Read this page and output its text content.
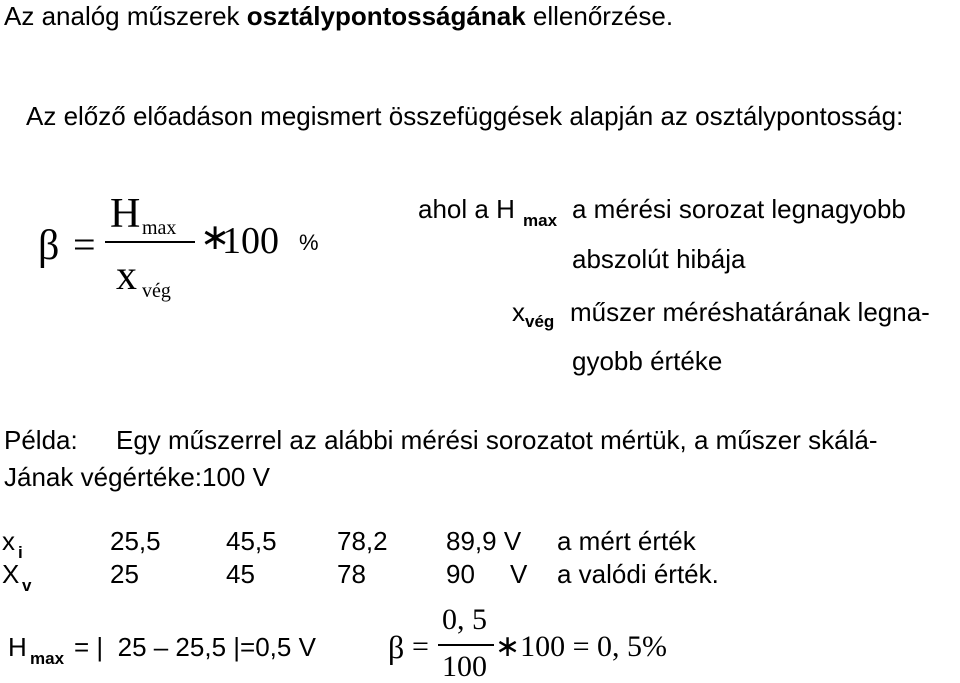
Az analóg műszerek osztálypontosságának ellenőrzése.
Az előző előadáson megismert összefüggések alapján az osztálypontosság:
β =
H max
x vég
∗
100 %
ahol a H max a mérési sorozat legnagyobb
abszolút hibája
x vég műszer méréshatárának legna-
gyobb értéke
Példa: Egy műszerrel az alábbi mérési sorozatot mértük, a műszer skálá-
Jának végértéke:100 V
x i	25,5	45,5 78,2 89,9 V a mért érték
X v	25	45	78	90 V a valódi érték.
H max = |  25 – 25,5 |=0,5 V β =
0, 5
100
∗100 = 0, 5%
